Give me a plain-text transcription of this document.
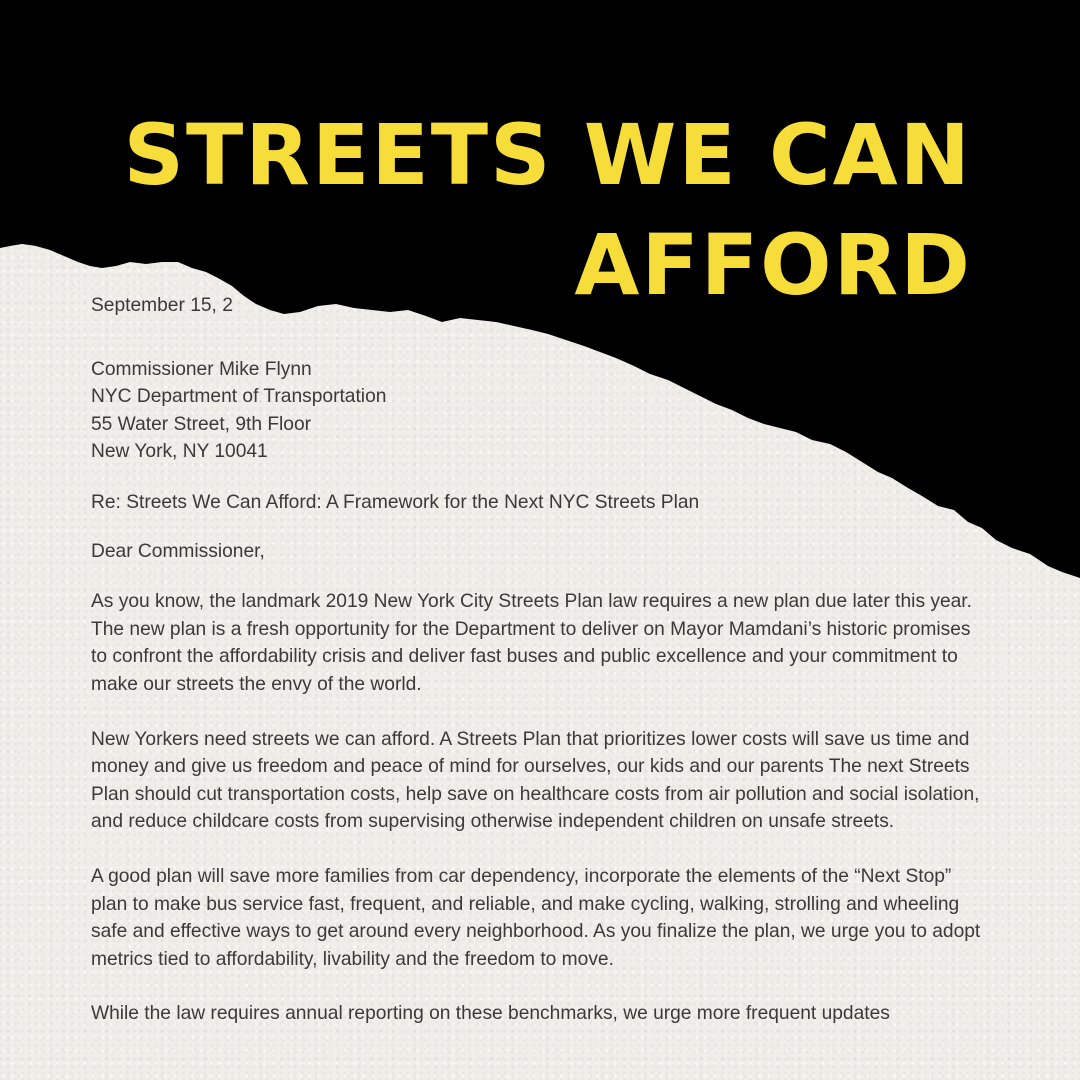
September 15, 2

Commissioner Mike Flynn

NYC Department of Transportation

55 Water Street, 9th Floor

New York, NY 10041

Re: Streets We Can Afford: A Framework for the Next NYC Streets Plan

Dear Commissioner,

As you know, the landmark 2019 New York City Streets Plan law requires a new plan due later this year. The new plan is a fresh opportunity for the Department to deliver on Mayor Mamdani’s historic promises to confront the affordability crisis and deliver fast buses and public excellence and your commitment to make our streets the envy of the world.

New Yorkers need streets we can afford. A Streets Plan that prioritizes lower costs will save us time and money and give us freedom and peace of mind for ourselves, our kids and our parents The next Streets Plan should cut transportation costs, help save on healthcare costs from air pollution and social isolation, and reduce childcare costs from supervising otherwise independent children on unsafe streets.

A good plan will save more families from car dependency, incorporate the elements of the “Next Stop” plan to make bus service fast, frequent, and reliable, and make cycling, walking, strolling and wheeling safe and effective ways to get around every neighborhood. As you finalize the plan, we urge you to adopt metrics tied to affordability, livability and the freedom to move.

While the law requires annual reporting on these benchmarks, we urge more frequent updates

STREETS WE CAN
AFFORD
